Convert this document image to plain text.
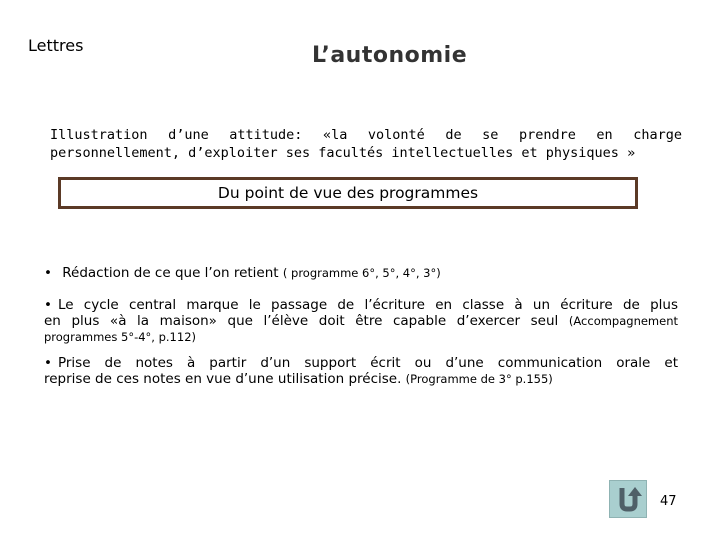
Lettres	L’autonomie
Illustration d’une attitude: «la volonté de se prendre en charge
personnellement, d’exploiter ses facultés intellectuelles et physiques »
Du point de vue des programmes

• Rédaction de ce que l’on retient ( programme 6°, 5°, 4°, 3°)

• Le cycle central marque le passage de l’écriture en classe à un écriture de plus
en plus «à la maison» que l’élève doit être capable d’exercer seul (Accompagnement
programmes 5°-4°, p.112)

• Prise de notes à partir d’un support écrit ou d’une communication orale et
reprise de ces notes en vue d’une utilisation précise. (Programme de 3° p.155)

47
